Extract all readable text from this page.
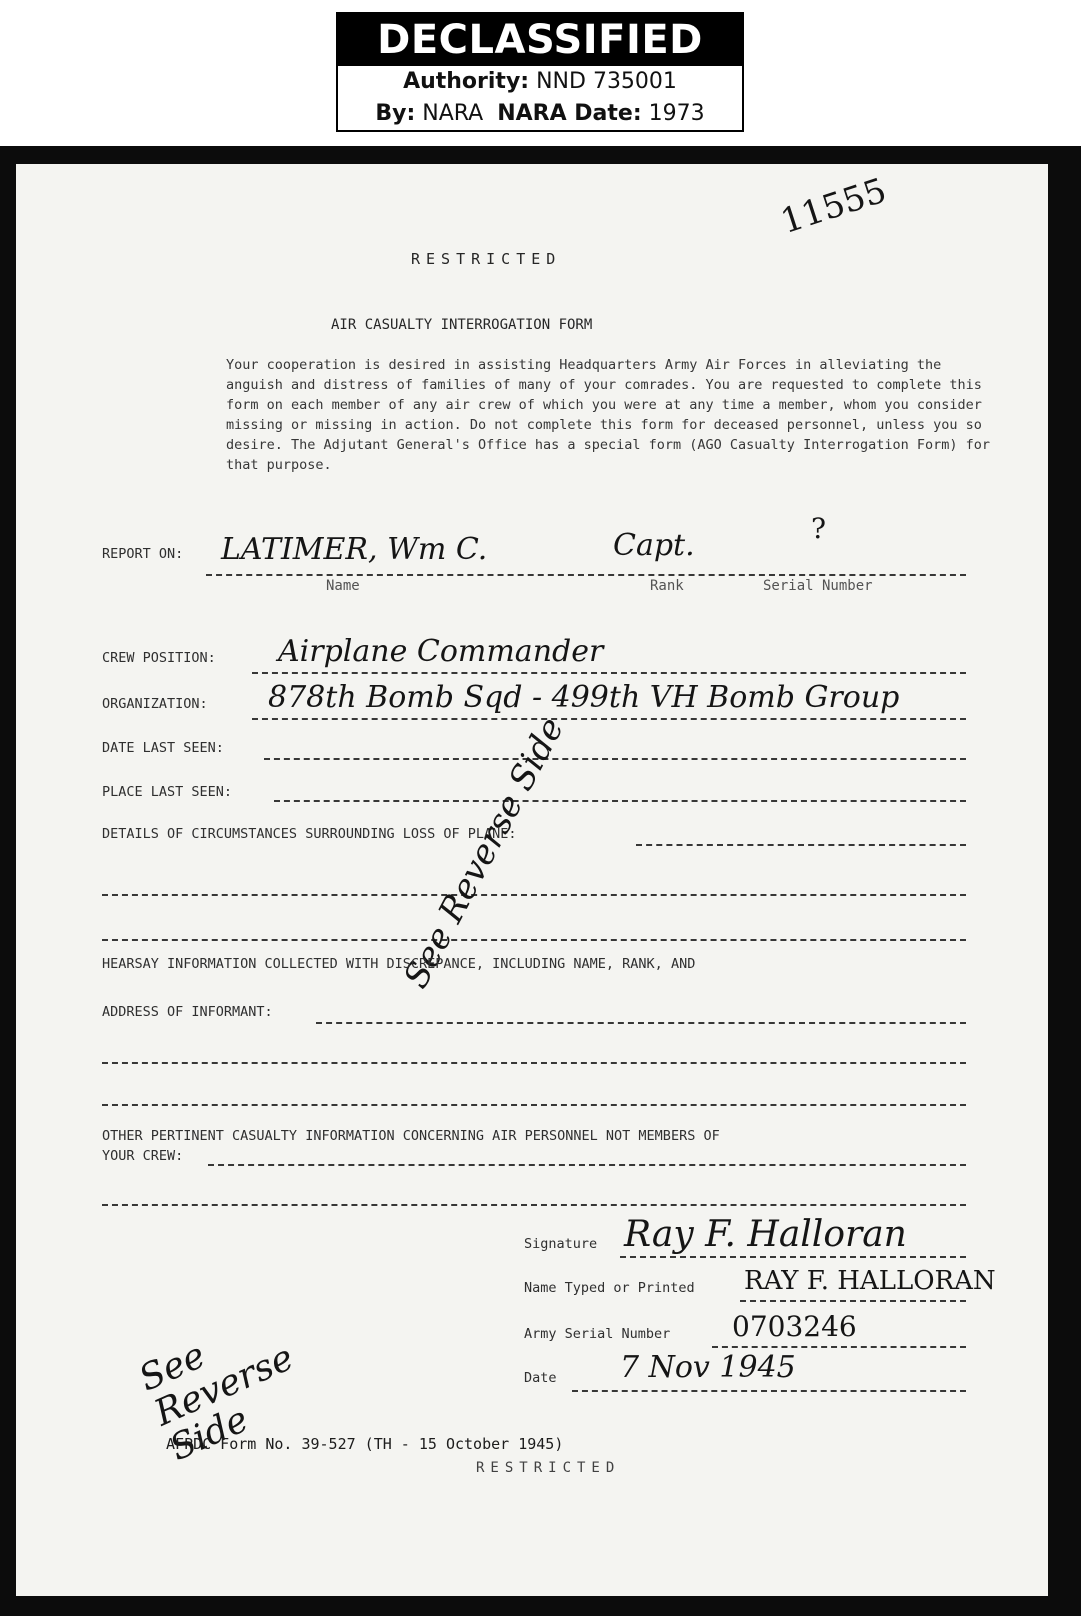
DECLASSIFIED
Authority: NND 735001
By: NARA NARA Date: 1973
11555
RESTRICTED
AIR CASUALTY INTERROGATION FORM
Your cooperation is desired in assisting Headquarters Army Air Forces in alleviating the anguish and distress of families of many of your comrades. You are requested to complete this form on each member of any air crew of which you were at any time a member, whom you consider missing or missing in action. Do not complete this form for deceased personnel, unless you so desire. The Adjutant General's Office has a special form (AGO Casualty Interrogation Form) for that purpose.
REPORT ON: LATIMER, Wm C.	Capt.	?
Name	Rank	Serial Number
CREW POSITION: Airplane Commander
ORGANIZATION: 878th Bomb Sqd - 499th VH Bomb Group
DATE LAST SEEN:
PLACE LAST SEEN:
DETAILS OF CIRCUMSTANCES SURROUNDING LOSS OF PLANE:
See Reverse Side
HEARSAY INFORMATION COLLECTED WITH DISCREPANCE, INCLUDING NAME, RANK, AND
ADDRESS OF INFORMANT:
OTHER PERTINENT CASUALTY INFORMATION CONCERNING AIR PERSONNEL NOT MEMBERS OF
YOUR CREW:
Signature Ray F. Halloran
Name Typed or Printed RAY F. HALLORAN
Army Serial Number 0703246
Date 7 Nov 1945
See Reverse Side
AFPDC Form No. 39-527 (TH - 15 October 1945)
RESTRICTED
